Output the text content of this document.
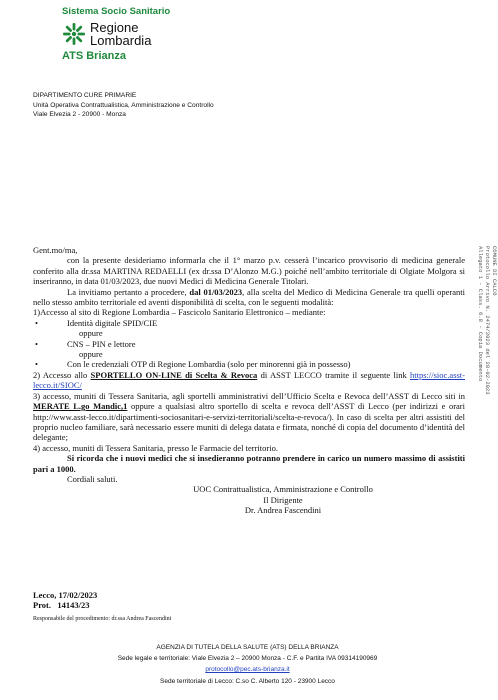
Sistema Socio Sanitario
Regione
Lombardia
ATS Brianza
DIPARTIMENTO CURE PRIMARIE
Unità Operativa Contrattualistica, Amministrazione e Controllo
Viale Elvezia 2 - 20900 - Monza

Gent.mo/ma,

con la presente desideriamo informarla che il 1° marzo p.v. cesserà l’incarico provvisorio di medicina generale conferito alla dr.ssa MARTINA REDAELLI (ex dr.ssa D’Alonzo M.G.) poiché nell’ambito territoriale di Olgiate Molgora si inseriranno, in data 01/03/2023, due nuovi Medici di Medicina Generale Titolari.

La invitiamo pertanto a procedere, dal 01/03/2023, alla scelta del Medico di Medicina Generale tra quelli operanti nello stesso ambito territoriale ed aventi disponibilità di scelta, con le seguenti modalità:

1)Accesso al sito di Regione Lombardia – Fascicolo Sanitario Elettronico – mediante:

•	Identità digitale SPID/CIE

oppure

•	CNS – PIN e lettore

oppure

•	Con le credenziali OTP di Regione Lombardia (solo per minorenni già in possesso)

2) Accesso allo SPORTELLO ON-LINE di Scelta & Revoca di ASST LECCO tramite il seguente link https://sioc.asst-lecco.it/SIOC/

3) accesso, muniti di Tessera Sanitaria, agli sportelli amministrativi dell’Ufficio Scelta e Revoca dell’ASST di Lecco siti in MERATE L.go Mandic,1 oppure a qualsiasi altro sportello di scelta e revoca dell’ASST di Lecco (per indirizzi e orari http://www.asst-lecco.it/dipartimenti-sociosanitari-e-servizi-territoriali/scelta-e-revoca/). In caso di scelta per altri assistiti del proprio nucleo familiare, sarà necessario essere muniti di delega datata e firmata, nonché di copia del documento d’identità del delegante;

4) accesso, muniti di Tessera Sanitaria, presso le Farmacie del territorio.

Si ricorda che i nuovi medici che si insedieranno potranno prendere in carico un numero massimo di assistiti pari a 1000.

Cordiali saluti.

UOC Contrattualistica, Amministrazione e Controllo
Il Dirigente
Dr. Andrea Fascendini
Lecco, 17/02/2023
Prot.   14143/23
Responsabile del procedimento: dr.ssa Andrea Fascendini
AGENZIA DI TUTELA DELLA SALUTE (ATS) DELLA BRIANZA
Sede legale e territoriale: Viale Elvezia 2 – 20900 Monza - C.F. e Partita IVA 09314190969
protocollo@pec.ats-brianza.it
Sede territoriale di Lecco: C.so C. Alberto 120 - 23900 Lecco
COMUNE DI CALCO
Protocollo Arrivo N. 2474/2023 del 28-02-2023
Allegato 1 - Class. 6.8 - Copia Documento
